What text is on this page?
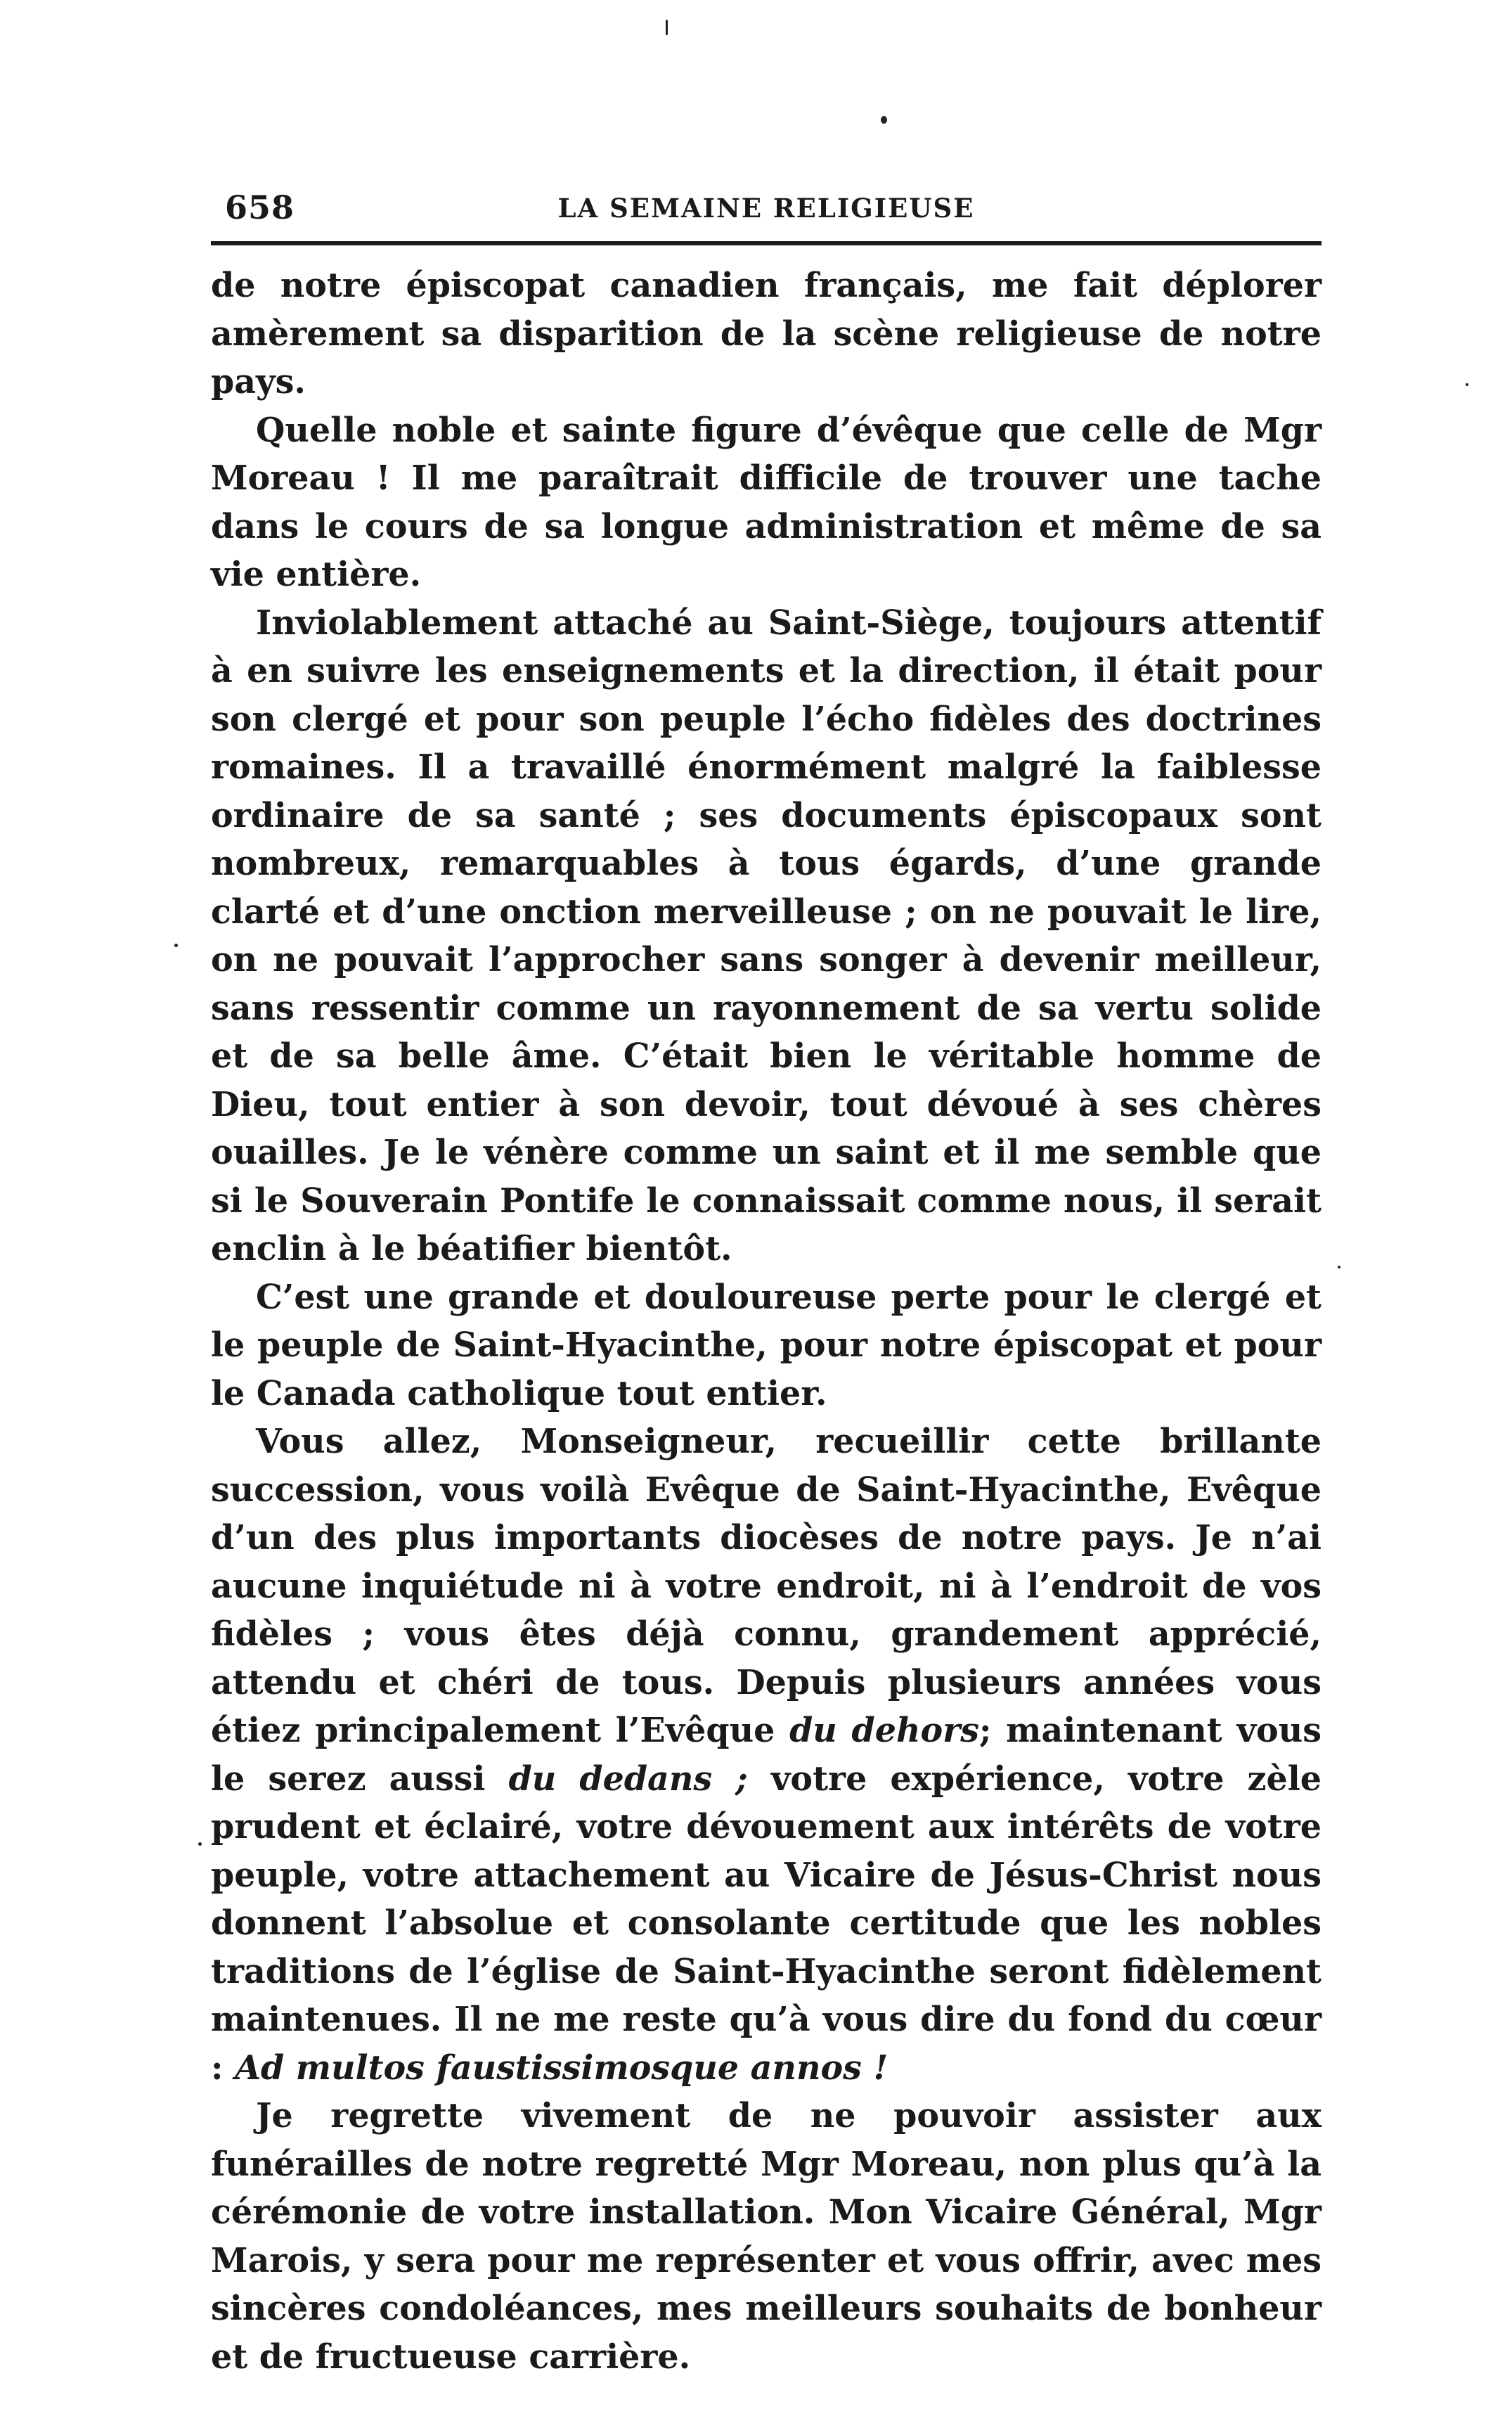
658	LA SEMAINE RELIGIEUSE

de notre épiscopat canadien français, me fait déplorer amèrement sa disparition de la scène religieuse de notre pays.

Quelle noble et sainte figure d’évêque que celle de Mgr Moreau ! Il me paraîtrait difficile de trouver une tache dans le cours de sa longue administration et même de sa vie entière.

Inviolablement attaché au Saint-Siège, toujours attentif à en suivre les enseignements et la direction, il était pour son clergé et pour son peuple l’écho fidèles des doctrines romaines. Il a travaillé énormément malgré la faiblesse ordinaire de sa santé ; ses documents épiscopaux sont nombreux, remarquables à tous égards, d’une grande clarté et d’une onction merveilleuse ; on ne pouvait le lire, on ne pouvait l’approcher sans songer à devenir meilleur, sans ressentir comme un rayonnement de sa vertu solide et de sa belle âme. C’était bien le véritable homme de Dieu, tout entier à son devoir, tout dévoué à ses chères ouailles. Je le vénère comme un saint et il me semble que si le Souverain Pontife le connaissait comme nous, il serait enclin à le béatifier bientôt.

C’est une grande et douloureuse perte pour le clergé et le peuple de Saint-Hyacinthe, pour notre épiscopat et pour le Canada catholique tout entier.

Vous allez, Monseigneur, recueillir cette brillante succession, vous voilà Evêque de Saint-Hyacinthe, Evêque d’un des plus importants diocèses de notre pays. Je n’ai aucune inquiétude ni à votre endroit, ni à l’endroit de vos fidèles ; vous êtes déjà connu, grandement apprécié, attendu et chéri de tous. Depuis plusieurs années vous étiez principalement l’Evêque du dehors; maintenant vous le serez aussi du dedans ; votre expérience, votre zèle prudent et éclairé, votre dévouement aux intérêts de votre peuple, votre attachement au Vicaire de Jésus-Christ nous donnent l’absolue et consolante certitude que les nobles traditions de l’église de Saint-Hyacinthe seront fidèlement maintenues. Il ne me reste qu’à vous dire du fond du cœur : Ad multos faustissimosque annos !

Je regrette vivement de ne pouvoir assister aux funérailles de notre regretté Mgr Moreau, non plus qu’à la cérémonie de votre installation. Mon Vicaire Général, Mgr Marois, y sera pour me représenter et vous offrir, avec mes sincères condoléances, mes meilleurs souhaits de bonheur et de fructueuse carrière.
